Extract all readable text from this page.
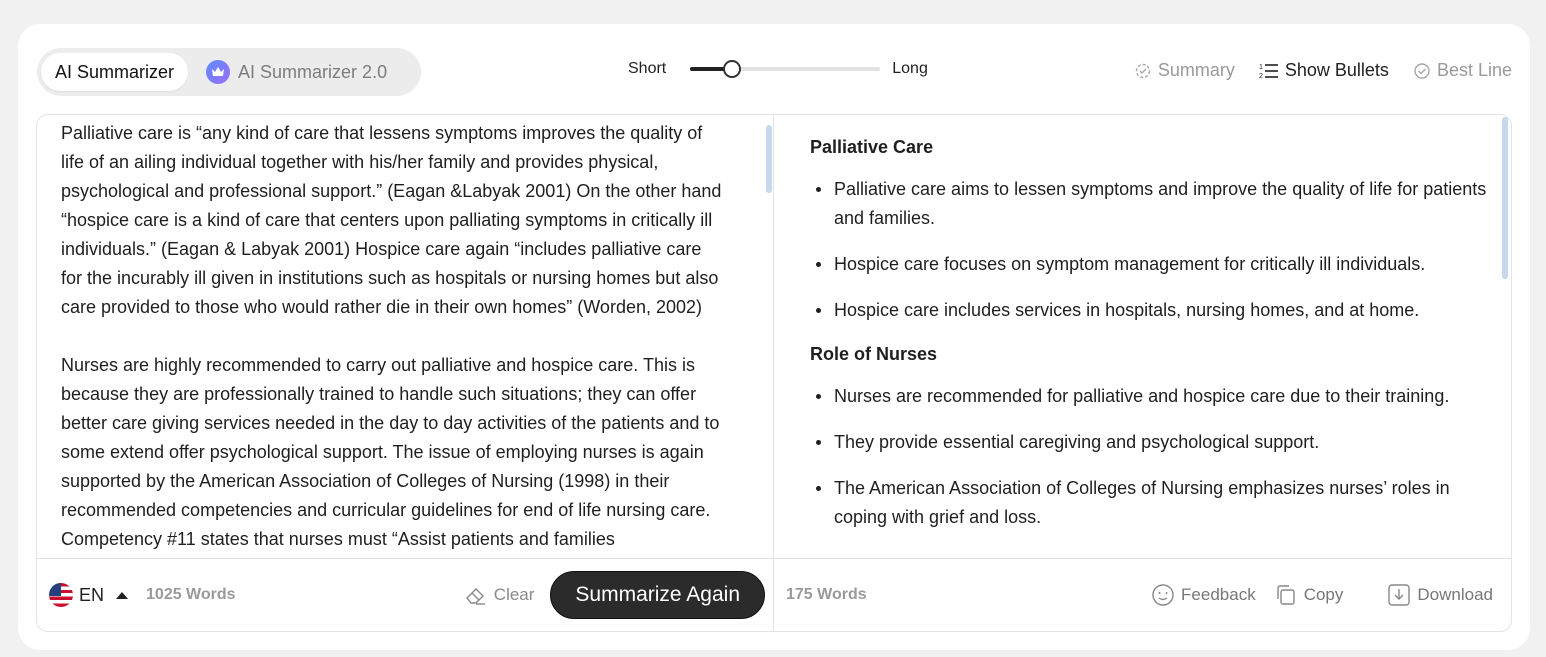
AI Summarizer	AI Summarizer 2.0	Short	Long	Summary	1
2 Show Bullets	Best Line

Palliative care is “any kind of care that lessens symptoms improves the quality of life of an ailing individual together with his/her family and provides physical, psychological and professional support.” (Eagan &Labyak 2001) On the other hand “hospice care is a kind of care that centers upon palliating symptoms in critically ill individuals.” (Eagan & Labyak 2001) Hospice care again “includes palliative care for the incurably ill given in institutions such as hospitals or nursing homes but also care provided to those who would rather die in their own homes” (Worden, 2002)

Nurses are highly recommended to carry out palliative and hospice care. This is because they are professionally trained to handle such situations; they can offer better care giving services needed in the day to day activities of the patients and to some extend offer psychological support. The issue of employing nurses is again supported by the American Association of Colleges of Nursing (1998) in their recommended competencies and curricular guidelines for end of life nursing care. Competency #11 states that nurses must “Assist patients and families

EN	1025 Words	Clear Summarize Again
Palliative Care
Palliative care aims to lessen symptoms and improve the quality of life for patients and families.
Hospice care focuses on symptom management for critically ill individuals.
Hospice care includes services in hospitals, nursing homes, and at home.
Role of Nurses
Nurses are recommended for palliative and hospice care due to their training.
They provide essential caregiving and psychological support.
The American Association of Colleges of Nursing emphasizes nurses’ roles in coping with grief and loss.
175 Words	Feedback	Copy	Download
